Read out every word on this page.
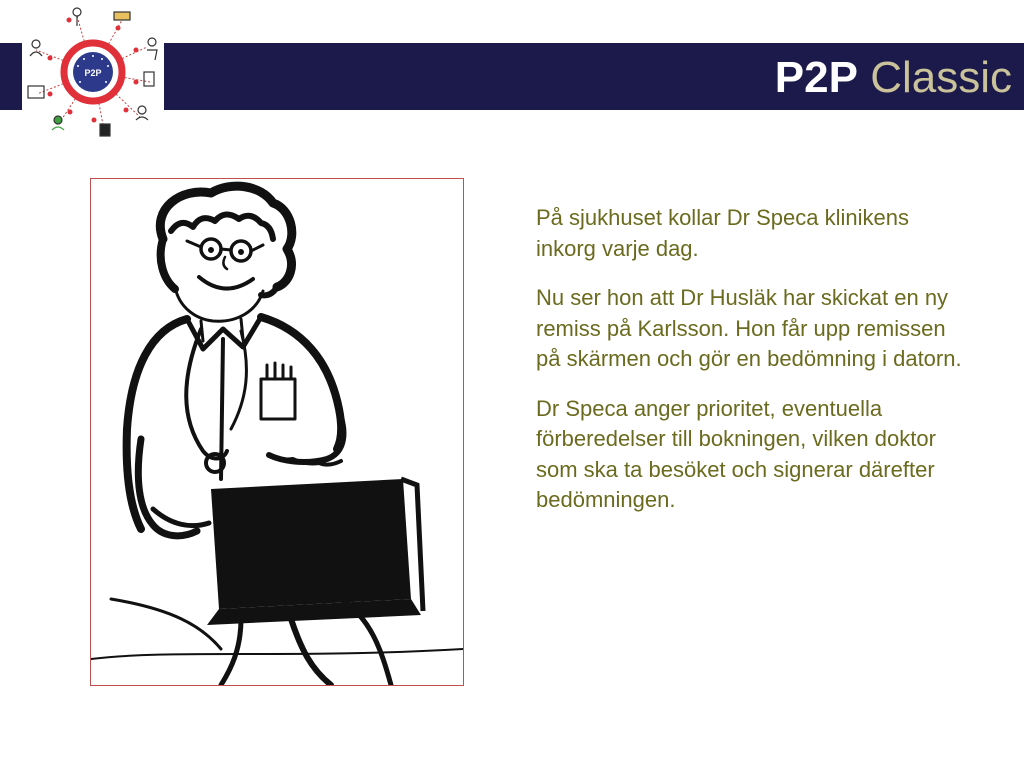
P2P Classic
P2P

På sjukhuset kollar Dr Speca klinikens inkorg varje dag.

Nu ser hon att Dr Husläk har skickat en ny remiss på Karlsson. Hon får upp remissen på skärmen och gör en bedömning i datorn.

Dr Speca anger prioritet, eventuella förberedelser till bokningen, vilken doktor som ska ta besöket och signerar därefter bedömningen.
